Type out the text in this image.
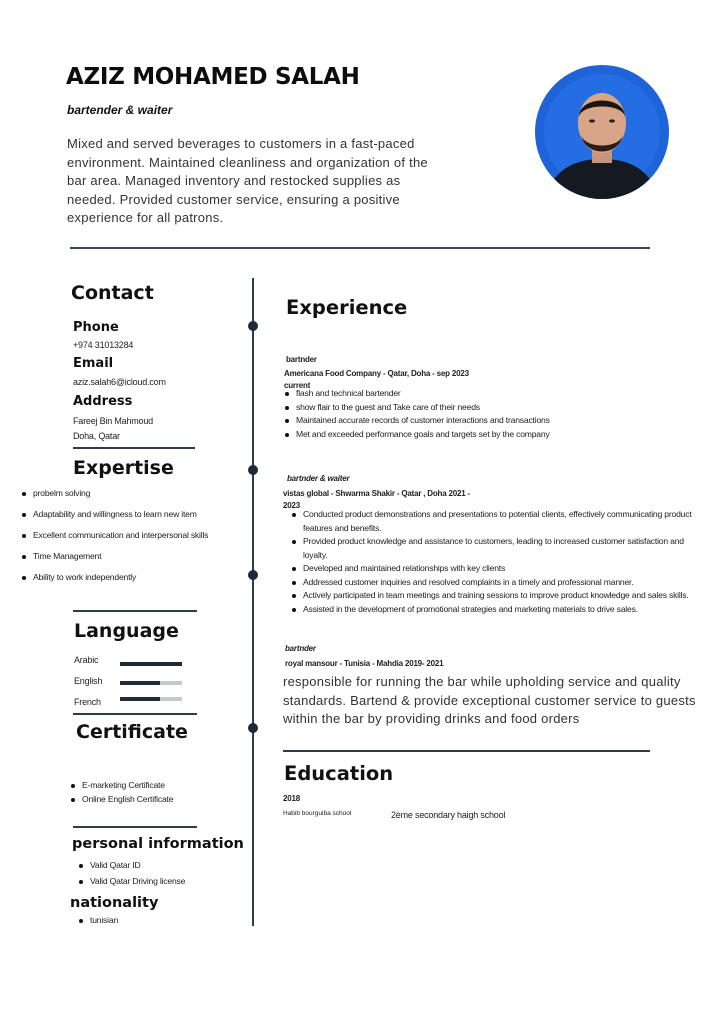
AZIZ MOHAMED SALAH
bartender & waiter
Mixed and served beverages to customers in a fast-paced environment. Maintained cleanliness and organization of the bar area. Managed inventory and restocked supplies as needed. Provided customer service, ensuring a positive experience for all patrons.
Contact
Phone
+974 31013284
Email
aziz.salah6@icloud.com
Address
Fareej Bin Mahmoud
Doha, Qatar
Expertise
probelm solving
Adaptability and willingness to learn new item
Excellent communication and interpersonal skills
Time Management
Ability to work independently
Language
Arabic
English
French
Certificate
E-marketing Certificate
Online English Certificate
personal information
Valid Qatar ID
Valid Qatar Driving license
nationality
tunisian
Experience
bartnder
Americana Food Company - Qatar, Doha - sep 2023
current
flash and technical bartender
show flair to the guest and Take care of their needs
Maintained accurate records of customer interactions and transactions
Met and exceeded performance goals and targets set by the company
bartnder & waiter
vistas global - Shwarma Shakir - Qatar , Doha 2021 -
2023
Conducted product demonstrations and presentations to potential clients, effectively communicating product features and benefits.
Provided product knowledge and assistance to customers, leading to increased customer satisfaction and loyalty.
Developed and maintained relationships with key clients
Addressed customer inquiries and resolved complaints in a timely and professional manner.
Actively participated in team meetings and training sessions to improve product knowledge and sales skills.
Assisted in the development of promotional strategies and marketing materials to drive sales.
bartnder
royal mansour - Tunisia - Mahdia 2019- 2021
responsible for running the bar while upholding service and quality standards. Bartend & provide exceptional customer service to guests within the bar by providing drinks and food orders
Education
2018
Habib bourguiba school	2ème secondary haigh school
